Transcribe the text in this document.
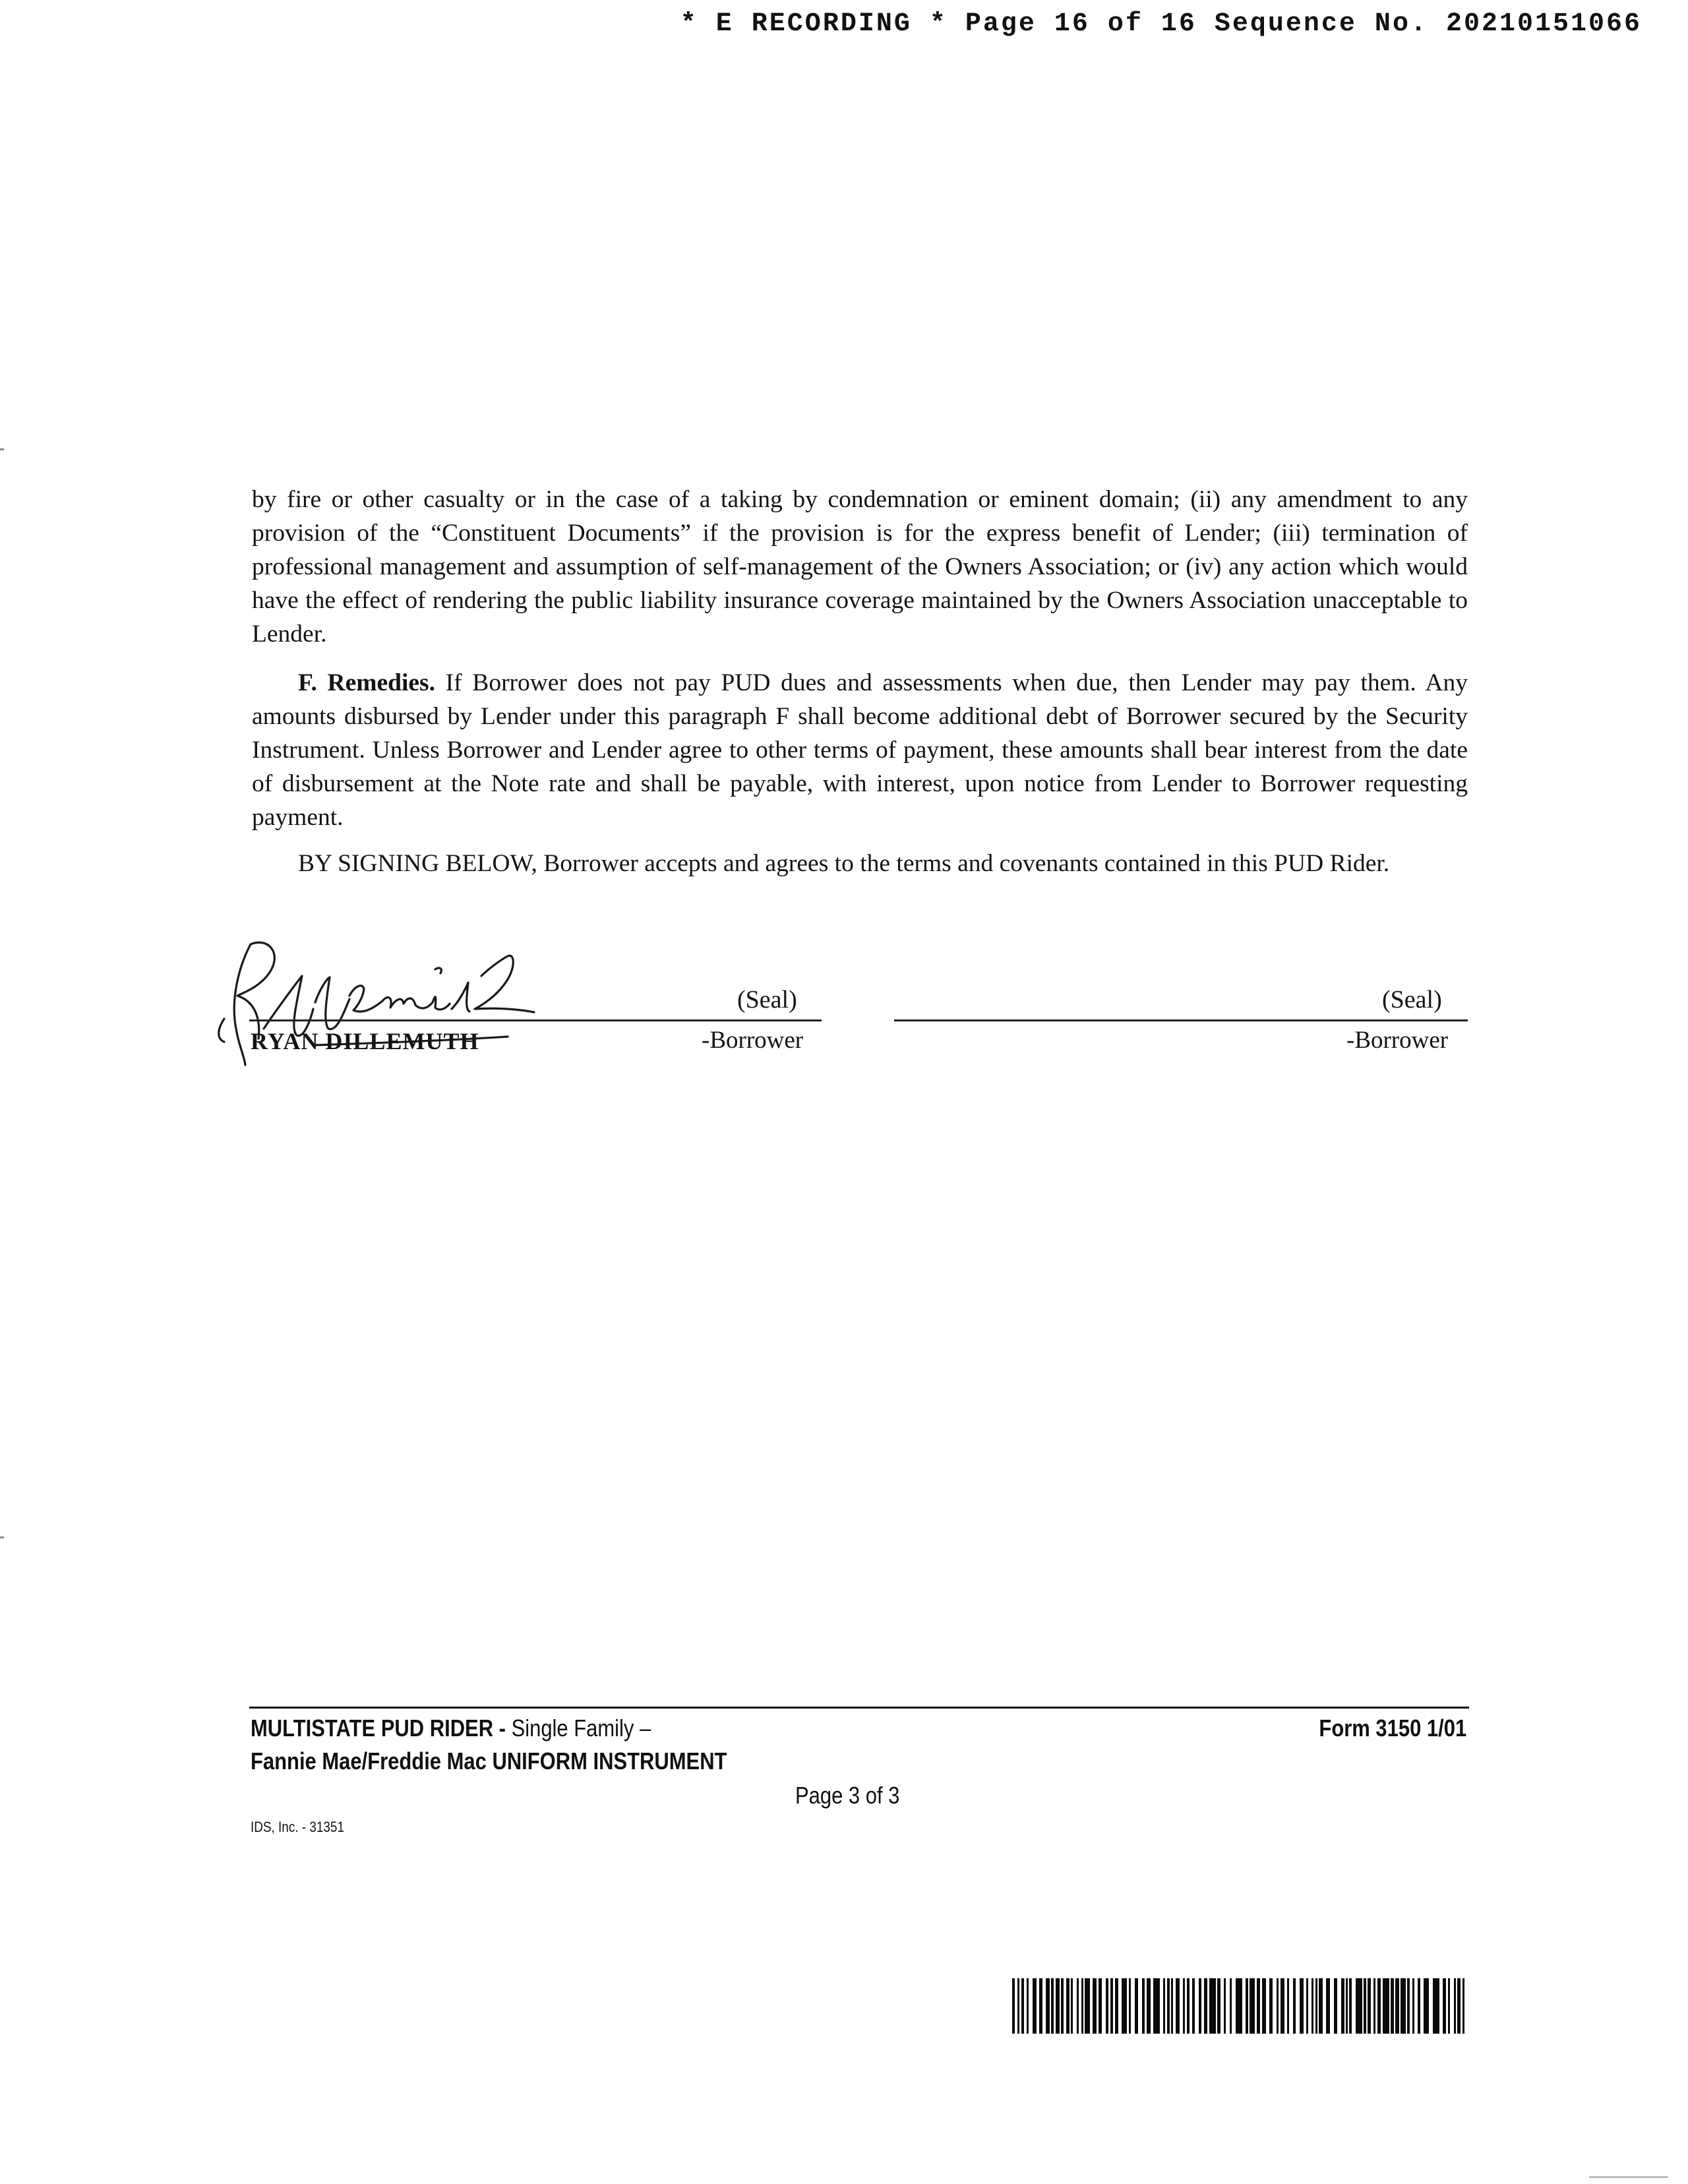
* E RECORDING * Page 16 of 16 Sequence No. 20210151066

by fire or other casualty or in the case of a taking by condemnation or eminent domain; (ii) any amendment to any provision of the “Constituent Documents” if the provision is for the express benefit of Lender; (iii) termination of professional management and assumption of self-management of the Owners Association; or (iv) any action which would have the effect of rendering the public liability insurance coverage maintained by the Owners Association unacceptable to Lender.

F. Remedies. If Borrower does not pay PUD dues and assessments when due, then Lender may pay them. Any amounts disbursed by Lender under this paragraph F shall become additional debt of Borrower secured by the Security Instrument. Unless Borrower and Lender agree to other terms of payment, these amounts shall bear interest from the date of disbursement at the Note rate and shall be payable, with interest, upon notice from Lender to Borrower requesting payment.

BY SIGNING BELOW, Borrower accepts and agrees to the terms and covenants contained in this PUD Rider.

(Seal)
RYAN DILLEMUTH	-Borrower
(Seal)
-Borrower
MULTISTATE PUD RIDER - Single Family –
Fannie Mae/Freddie Mac UNIFORM INSTRUMENT
Form 3150 1/01
Page 3 of 3
IDS, Inc. - 31351
